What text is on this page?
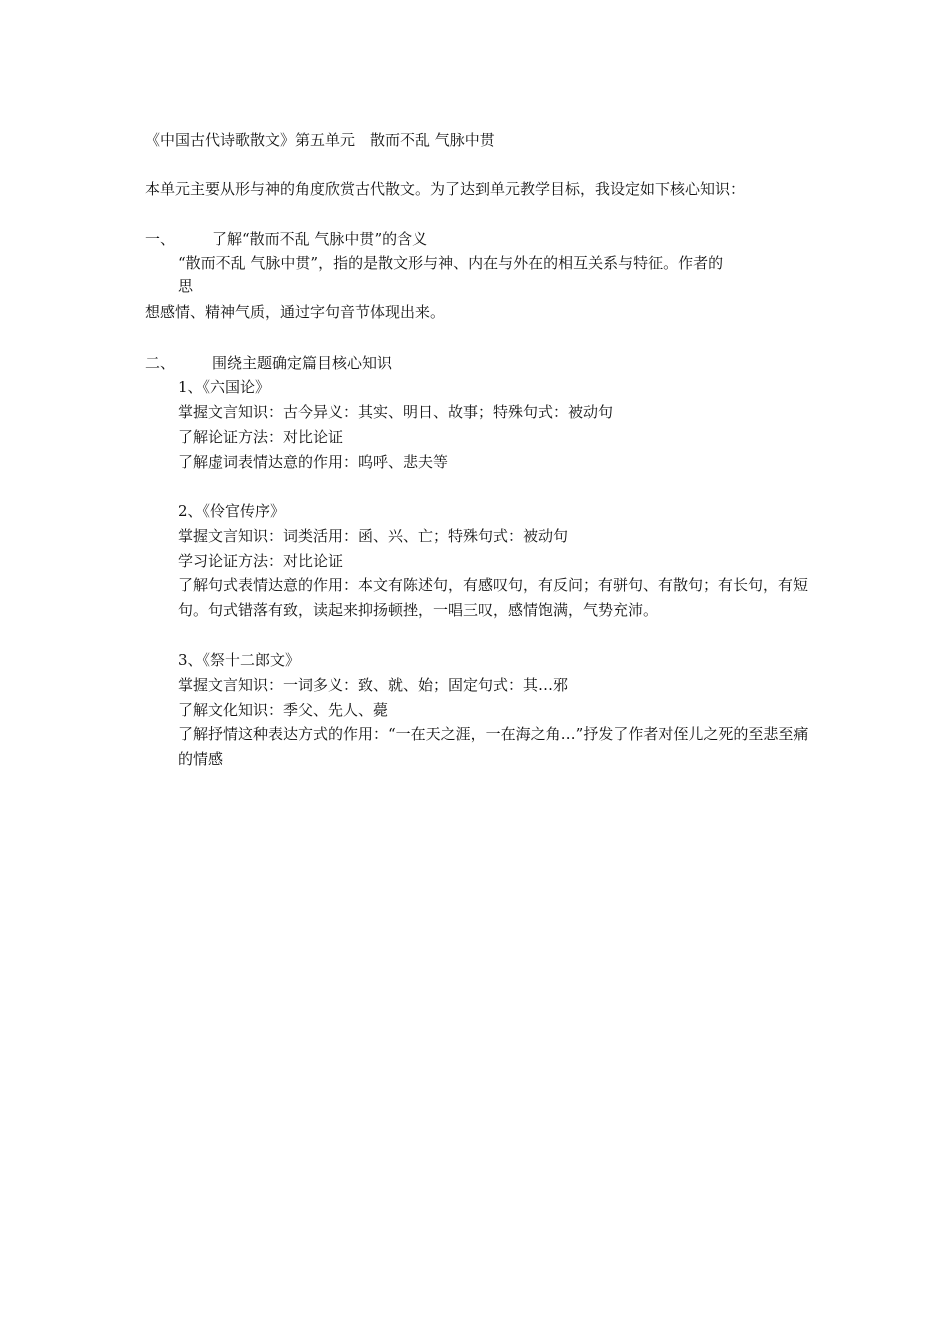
《中国古代诗歌散文》第五单元　散而不乱 气脉中贯
本单元主要从形与神的角度欣赏古代散文。为了达到单元教学目标，我设定如下核心知识：
一、 了解“散而不乱 气脉中贯”的含义
“散而不乱 气脉中贯”，指的是散文形与神、内在与外在的相互关系与特征。作者的
思
想感情、精神气质，通过字句音节体现出来。
二、 围绕主题确定篇目核心知识
1、《六国论》
掌握文言知识：古今异义：其实、明日、故事；特殊句式：被动句
了解论证方法：对比论证
了解虚词表情达意的作用：呜呼、悲夫等
2、《伶官传序》
掌握文言知识：词类活用：函、兴、亡；特殊句式：被动句
学习论证方法：对比论证
了解句式表情达意的作用：本文有陈述句，有感叹句，有反问；有骈句、有散句；有长句，有短句。句式错落有致，读起来抑扬顿挫，一唱三叹，感情饱满，气势充沛。
3、《祭十二郎文》
掌握文言知识：一词多义：致、就、始；固定句式：其…邪
了解文化知识：季父、先人、薨
了解抒情这种表达方式的作用：“一在天之涯，一在海之角…”抒发了作者对侄儿之死的至悲至痛的情感
